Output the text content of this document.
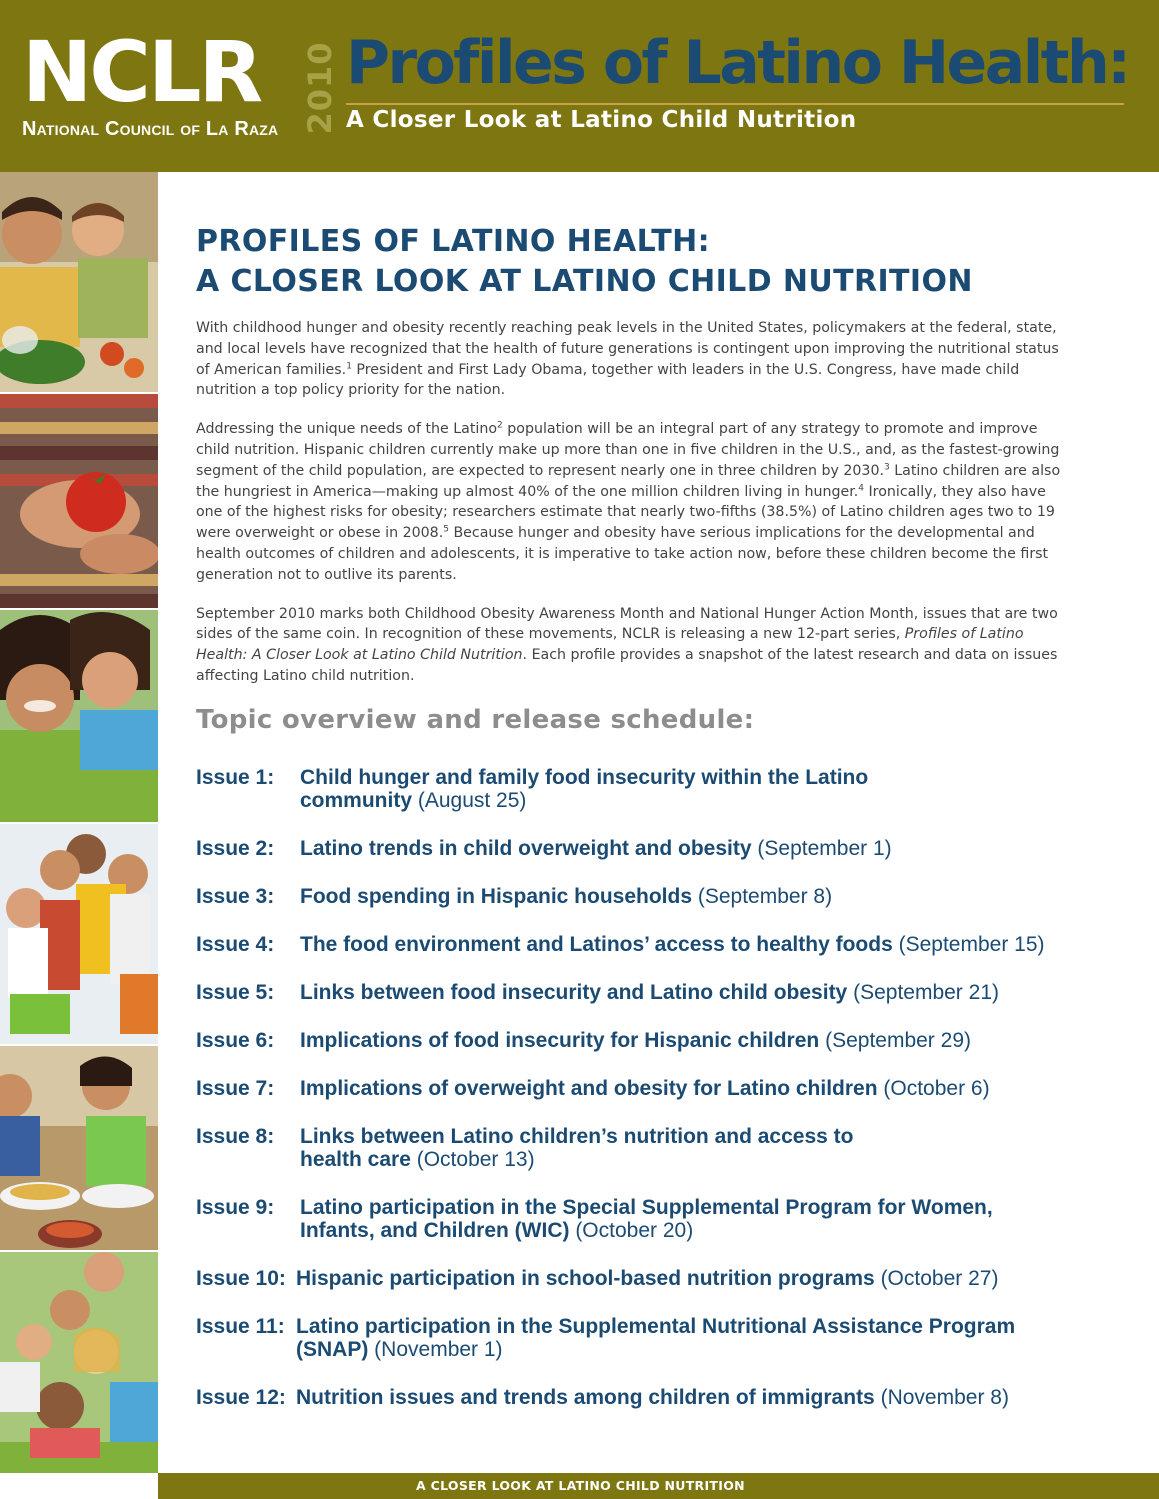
NCLR
National Council of La Raza 2010 Profiles of Latino Health:
A Closer Look at Latino Child Nutrition
PROFILES OF LATINO HEALTH:
A CLOSER LOOK AT LATINO CHILD NUTRITION

With childhood hunger and obesity recently reaching peak levels in the United States, policymakers at the federal, state, and local levels have recognized that the health of future generations is contingent upon improving the nutritional status of American families.$^1$ President and First Lady Obama, together with leaders in the U.S. Congress, have made child nutrition a top policy priority for the nation.

Addressing the unique needs of the Latino$^2$ population will be an integral part of any strategy to promote and improve child nutrition. Hispanic children currently make up more than one in five children in the U.S., and, as the fastest-growing segment of the child population, are expected to represent nearly one in three children by 2030.$^3$ Latino children are also the hungriest in America—making up almost 40% of the one million children living in hunger.$^4$ Ironically, they also have one of the highest risks for obesity; researchers estimate that nearly two-fifths (38.5%) of Latino children ages two to 19 were overweight or obese in 2008.$^5$ Because hunger and obesity have serious implications for the developmental and health outcomes of children and adolescents, it is imperative to take action now, before these children become the first generation not to outlive its parents.

September 2010 marks both Childhood Obesity Awareness Month and National Hunger Action Month, issues that are two sides of the same coin. In recognition of these movements, NCLR is releasing a new 12-part series, Profiles of Latino Health: A Closer Look at Latino Child Nutrition. Each profile provides a snapshot of the latest research and data on issues affecting Latino child nutrition.

Topic overview and release schedule:
Issue 1: Child hunger and family food insecurity within the Latino community (August 25)
Issue 2: Latino trends in child overweight and obesity (September 1)
Issue 3: Food spending in Hispanic households (September 8)
Issue 4: The food environment and Latinos’ access to healthy foods (September 15)
Issue 5: Links between food insecurity and Latino child obesity (September 21)
Issue 6: Implications of food insecurity for Hispanic children (September 29)
Issue 7: Implications of overweight and obesity for Latino children (October 6)
Issue 8: Links between Latino children’s nutrition and access to health care (October 13)
Issue 9: Latino participation in the Special Supplemental Program for Women, Infants, and Children (WIC) (October 20)
Issue 10: Hispanic participation in school-based nutrition programs (October 27)
Issue 11: Latino participation in the Supplemental Nutritional Assistance Program (SNAP) (November 1)
Issue 12: Nutrition issues and trends among children of immigrants (November 8)
A CLOSER LOOK AT LATINO CHILD NUTRITION
